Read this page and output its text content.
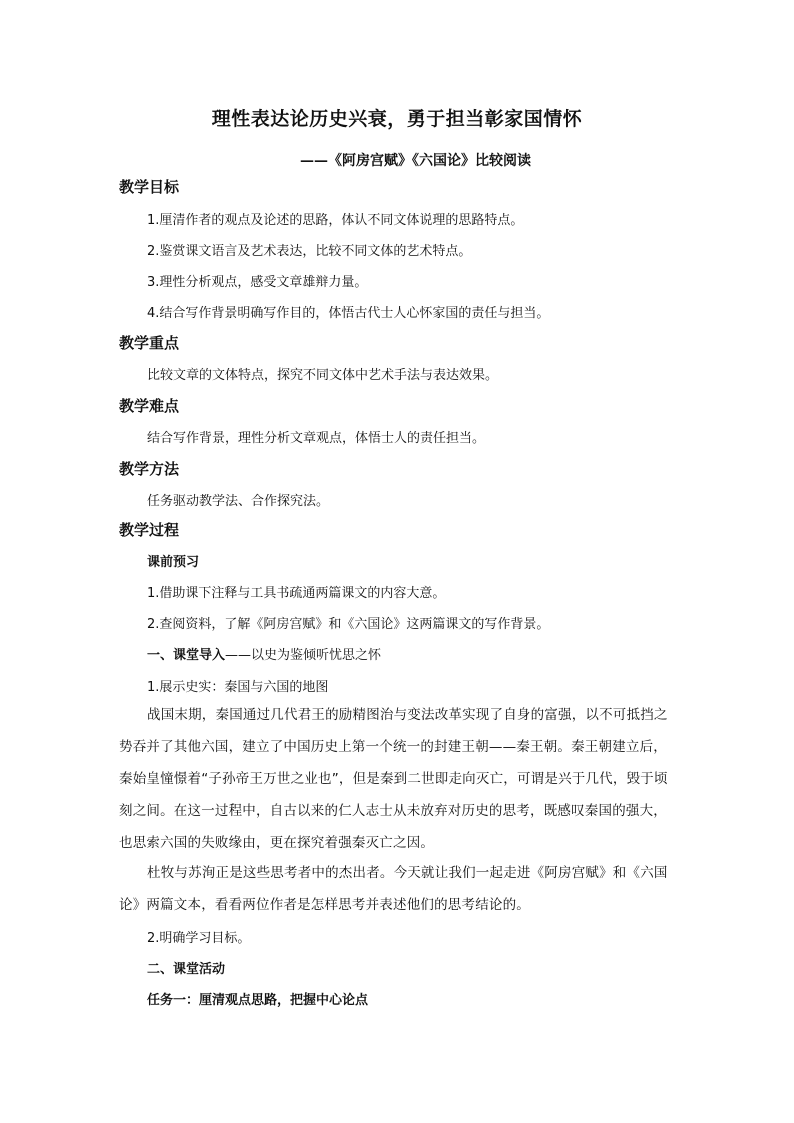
理性表达论历史兴衰，勇于担当彰家国情怀
——《阿房宫赋》《六国论》比较阅读
教学目标
1.厘清作者的观点及论述的思路，体认不同文体说理的思路特点。
2.鉴赏课文语言及艺术表达，比较不同文体的艺术特点。
3.理性分析观点，感受文章雄辩力量。
4.结合写作背景明确写作目的，体悟古代士人心怀家国的责任与担当。
教学重点
比较文章的文体特点，探究不同文体中艺术手法与表达效果。
教学难点
结合写作背景，理性分析文章观点，体悟士人的责任担当。
教学方法
任务驱动教学法、合作探究法。
教学过程
课前预习
1.借助课下注释与工具书疏通两篇课文的内容大意。
2.查阅资料，了解《阿房宫赋》和《六国论》这两篇课文的写作背景。
一、课堂导入——以史为鉴倾听忧思之怀
1.展示史实：秦国与六国的地图
战国末期，秦国通过几代君王的励精图治与变法改革实现了自身的富强，以不可抵挡之势吞并了其他六国，建立了中国历史上第一个统一的封建王朝——秦王朝。秦王朝建立后，秦始皇憧憬着“子孙帝王万世之业也”，但是秦到二世即走向灭亡，可谓是兴于几代，毁于顷刻之间。在这一过程中，自古以来的仁人志士从未放弃对历史的思考，既感叹秦国的强大，也思索六国的失败缘由，更在探究着强秦灭亡之因。
杜牧与苏洵正是这些思考者中的杰出者。今天就让我们一起走进《阿房宫赋》和《六国论》两篇文本，看看两位作者是怎样思考并表述他们的思考结论的。
2.明确学习目标。
二、课堂活动
任务一：厘清观点思路，把握中心论点
